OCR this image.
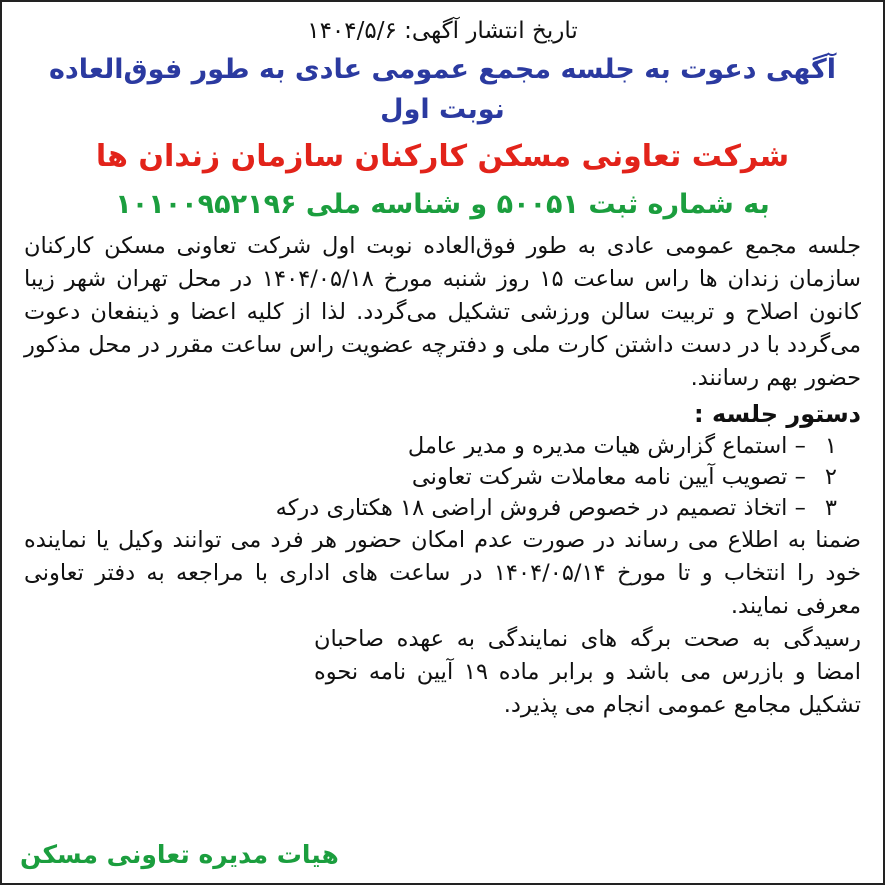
تاریخ انتشار آگهی: ۱۴۰۴/۵/۶

آگهی دعوت به جلسه مجمع عمومی عادی به طور فوق‌العاده نوبت اول
شرکت تعاونی مسکن کارکنان سازمان زندان ها
به شماره ثبت ۵۰۰۵۱ و شناسه ملی ۱۰۱۰۰۹۵۲۱۹۶

جلسه مجمع عمومی عادی به طور فوق‌العاده نوبت اول شرکت تعاونی مسکن کارکنان سازمان زندان ها راس ساعت ۱۵ روز شنبه مورخ ۱۴۰۴/۰۵/۱۸ در محل تهران شهر زیبا کانون اصلاح و تربیت سالن ورزشی تشکیل می‌گردد. لذا از کلیه اعضا و ذینفعان دعوت می‌گردد با در دست داشتن کارت ملی و دفترچه عضویت راس ساعت مقرر در محل مذکور حضور بهم رسانند.

دستور جلسه :
۱ – استماع گزارش هیات مدیره و مدیر عامل
۲ – تصویب آیین نامه معاملات شرکت تعاونی
۳ – اتخاذ تصمیم در خصوص فروش اراضی ۱۸ هکتاری درکه

ضمنا به اطلاع می رساند در صورت عدم امکان حضور هر فرد می توانند وکیل یا نماینده خود را انتخاب و تا مورخ ۱۴۰۴/۰۵/۱۴ در ساعت های اداری با مراجعه به دفتر تعاونی معرفی نمایند.

رسیدگی به صحت برگه های نمایندگی به عهده صاحبان امضا و بازرس می باشد و برابر ماده ۱۹ آیین نامه نحوه تشکیل مجامع عمومی انجام می پذیرد.

هیات مدیره تعاونی مسکن
